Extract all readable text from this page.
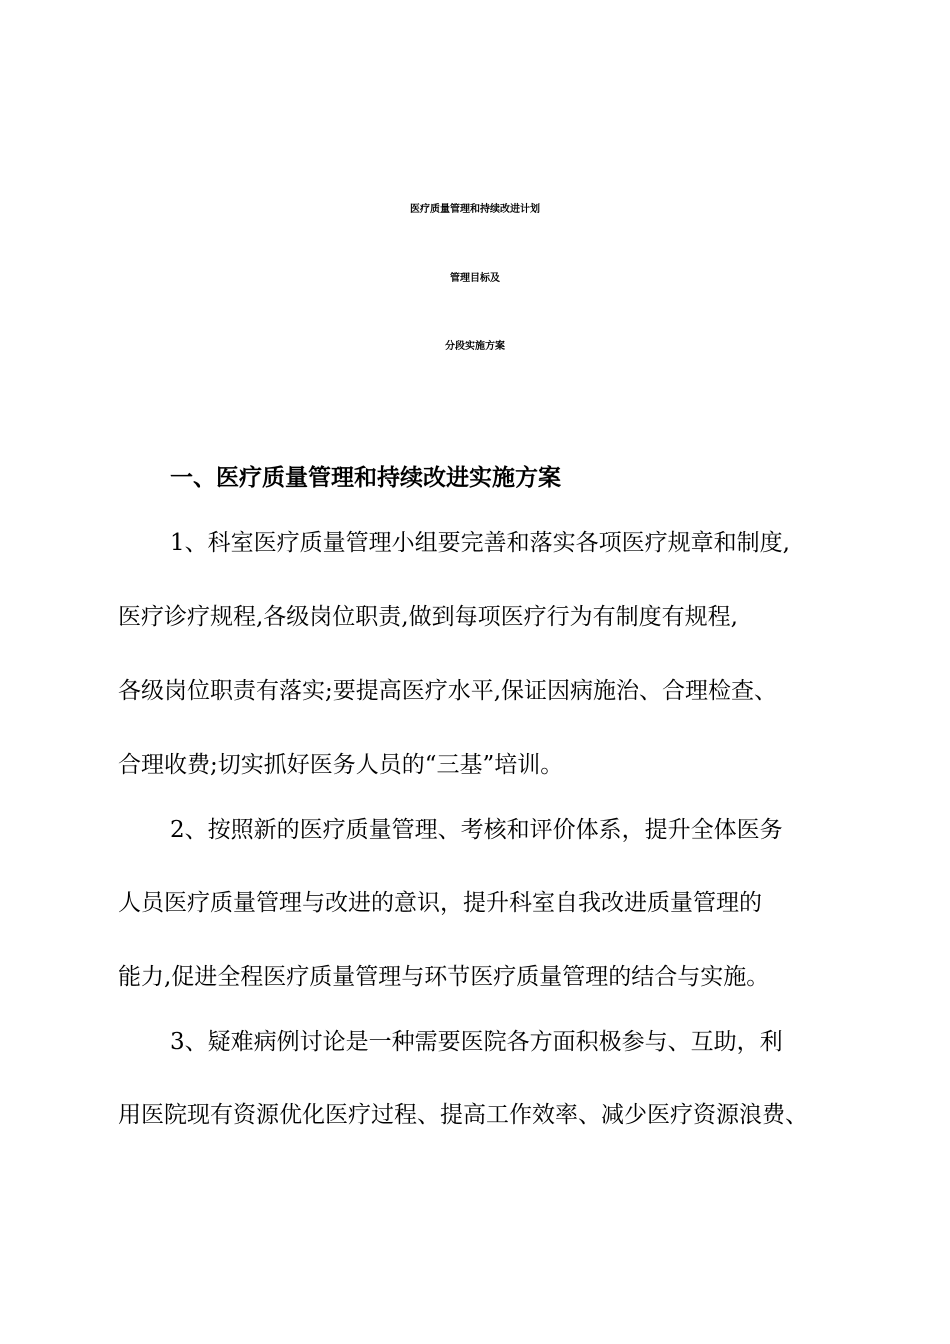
医疗质量管理和持续改进计划
管理目标及
分段实施方案
一、医疗质量管理和持续改进实施方案
1、科室医疗质量管理小组要完善和落实各项医疗规章和制度,
医疗诊疗规程,各级岗位职责,做到每项医疗行为有制度有规程,
各级岗位职责有落实;要提高医疗水平,保证因病施治、合理检查、
合理收费;切实抓好医务人员的“三基”培训。
2、按照新的医疗质量管理、考核和评价体系，提升全体医务
人员医疗质量管理与改进的意识，提升科室自我改进质量管理的
能力,促进全程医疗质量管理与环节医疗质量管理的结合与实施。
3、疑难病例讨论是一种需要医院各方面积极参与、互助，利
用医院现有资源优化医疗过程、提高工作效率、减少医疗资源浪费、
